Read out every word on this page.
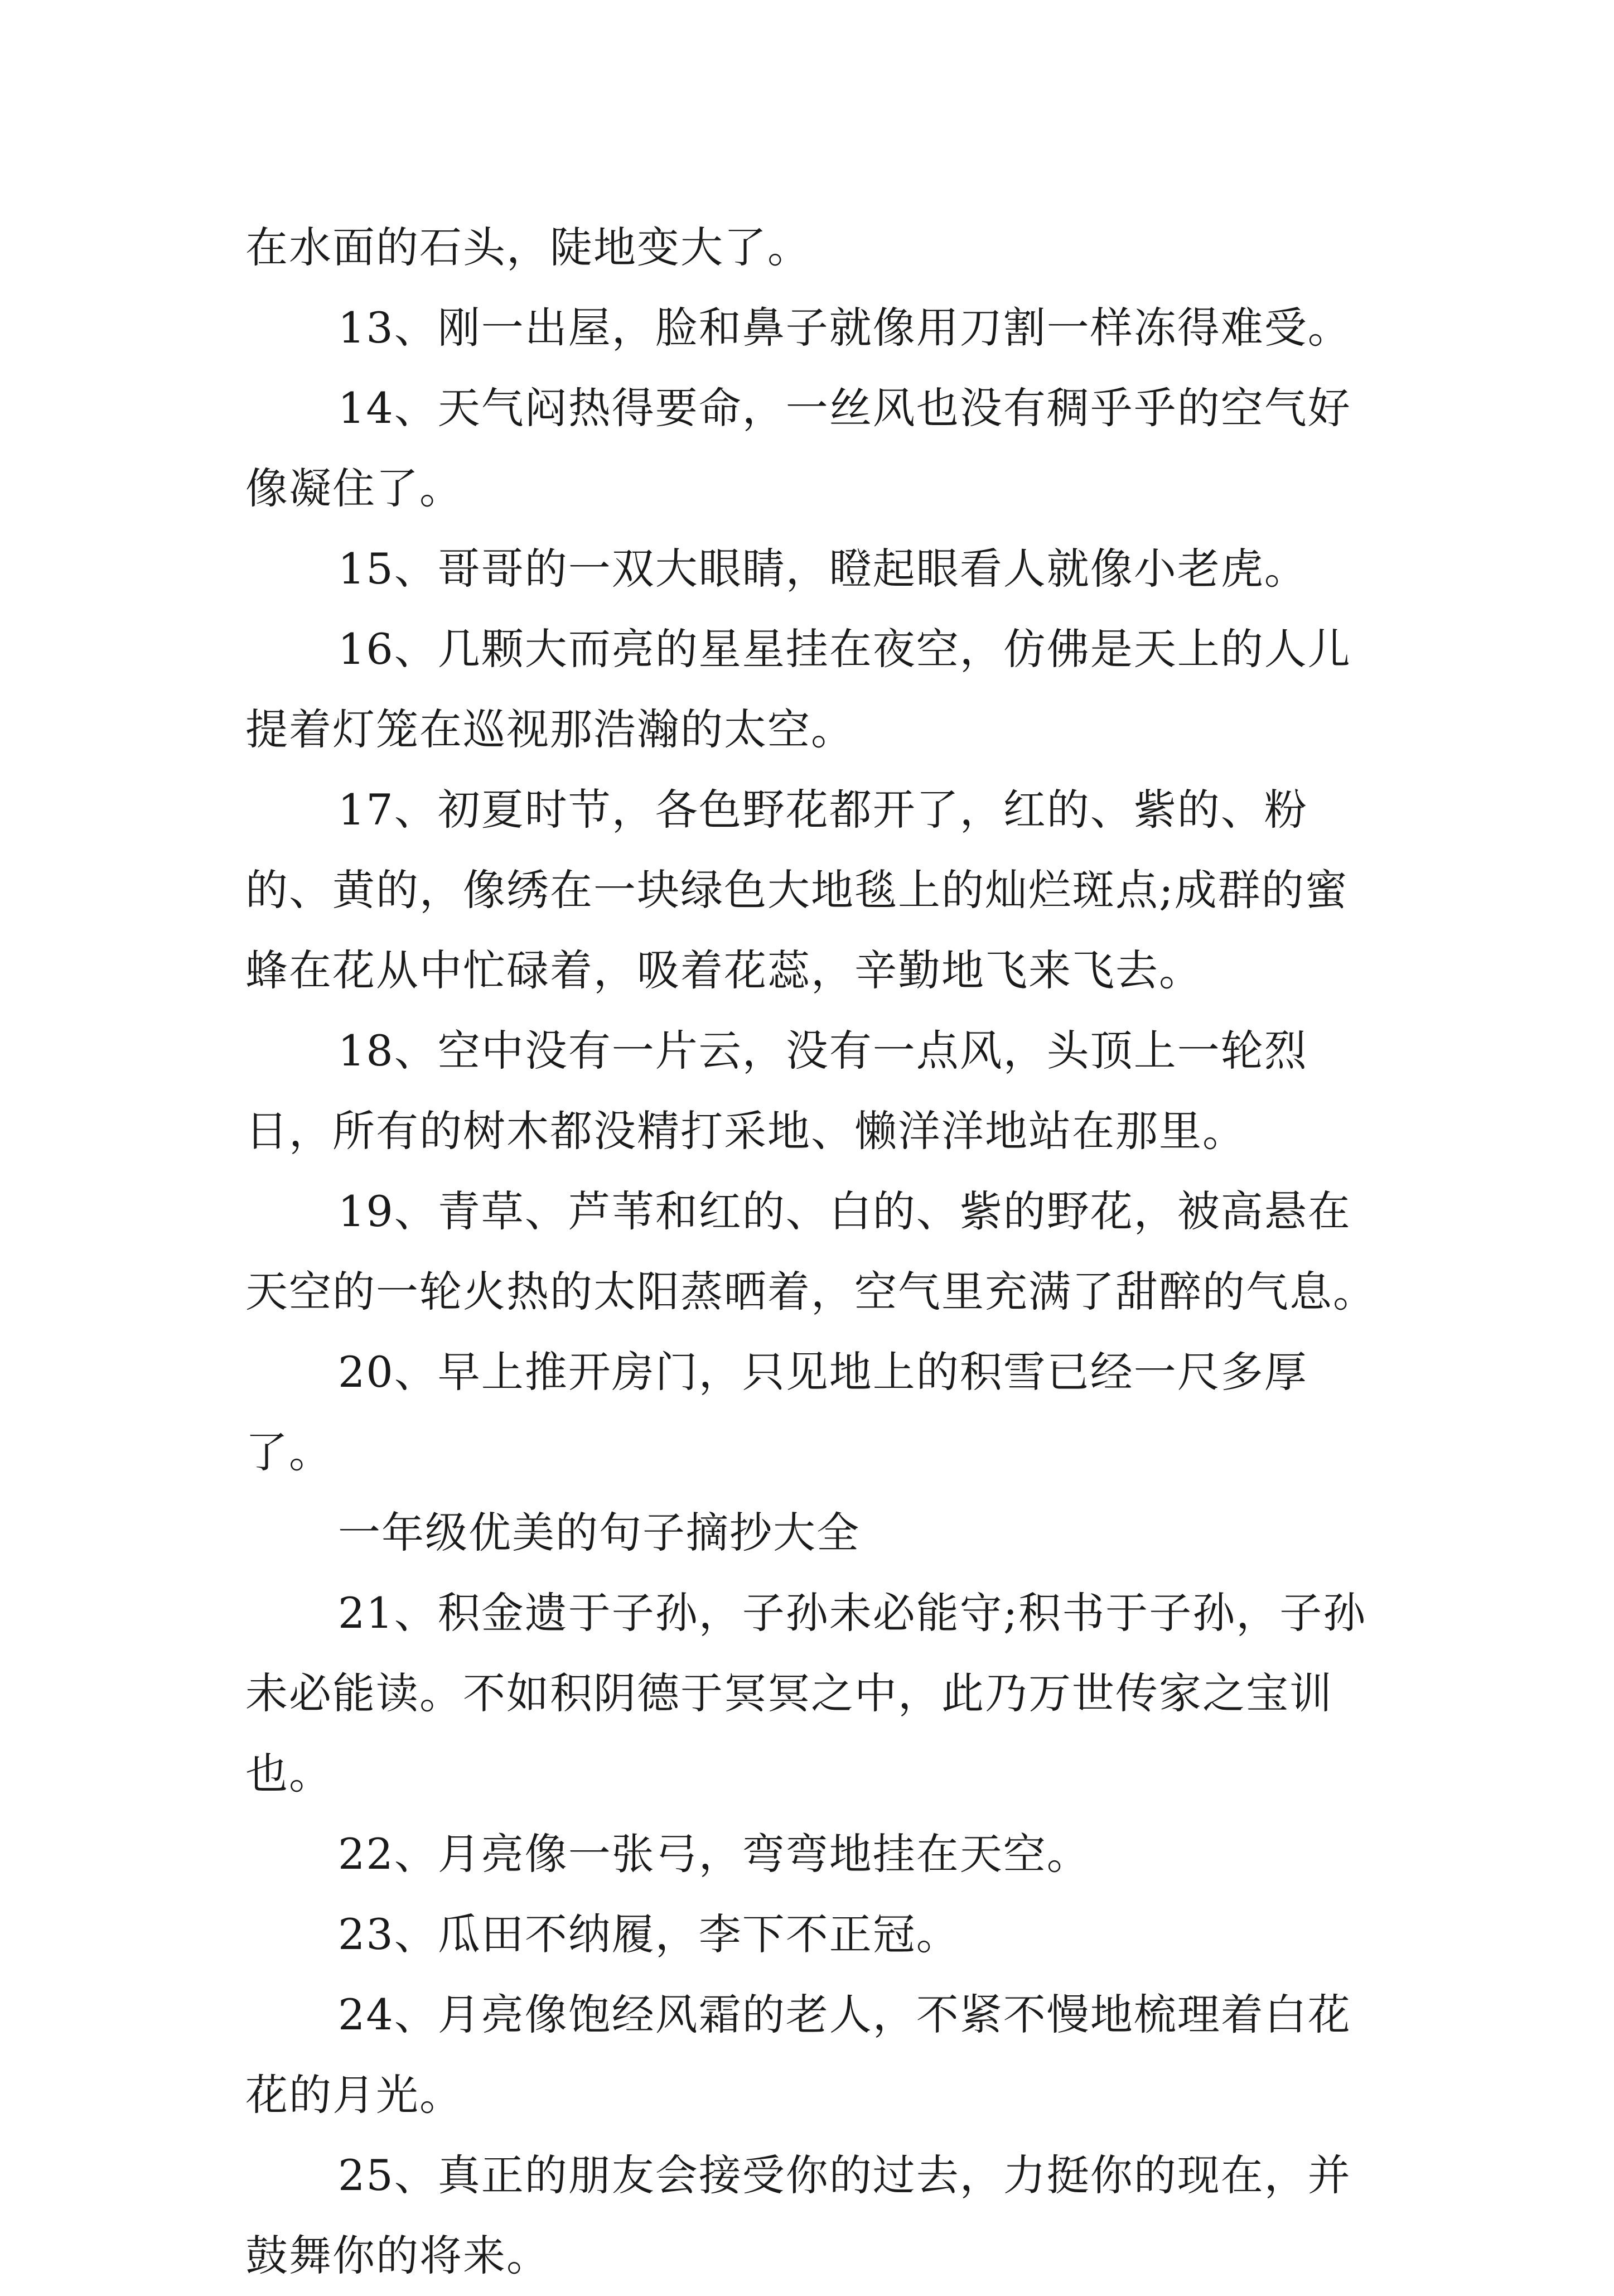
在水面的石头，陡地变大了。

13、刚一出屋，脸和鼻子就像用刀割一样冻得难受。

14、天气闷热得要命，一丝风也没有稠乎乎的空气好像凝住了。

15、哥哥的一双大眼睛，瞪起眼看人就像小老虎。

16、几颗大而亮的星星挂在夜空，仿佛是天上的人儿提着灯笼在巡视那浩瀚的太空。

17、初夏时节，各色野花都开了，红的、紫的、粉的、黄的，像绣在一块绿色大地毯上的灿烂斑点;成群的蜜蜂在花从中忙碌着，吸着花蕊，辛勤地飞来飞去。

18、空中没有一片云，没有一点风，头顶上一轮烈日，所有的树木都没精打采地、懒洋洋地站在那里。

19、青草、芦苇和红的、白的、紫的野花，被高悬在天空的一轮火热的太阳蒸晒着，空气里充满了甜醉的气息。

20、早上推开房门，只见地上的积雪已经一尺多厚了。

一年级优美的句子摘抄大全

21、积金遗于子孙，子孙未必能守;积书于子孙，子孙未必能读。不如积阴德于冥冥之中，此乃万世传家之宝训也。

22、月亮像一张弓，弯弯地挂在天空。

23、瓜田不纳履，李下不正冠。

24、月亮像饱经风霜的老人，不紧不慢地梳理着白花花的月光。

25、真正的朋友会接受你的过去，力挺你的现在，并鼓舞你的将来。
